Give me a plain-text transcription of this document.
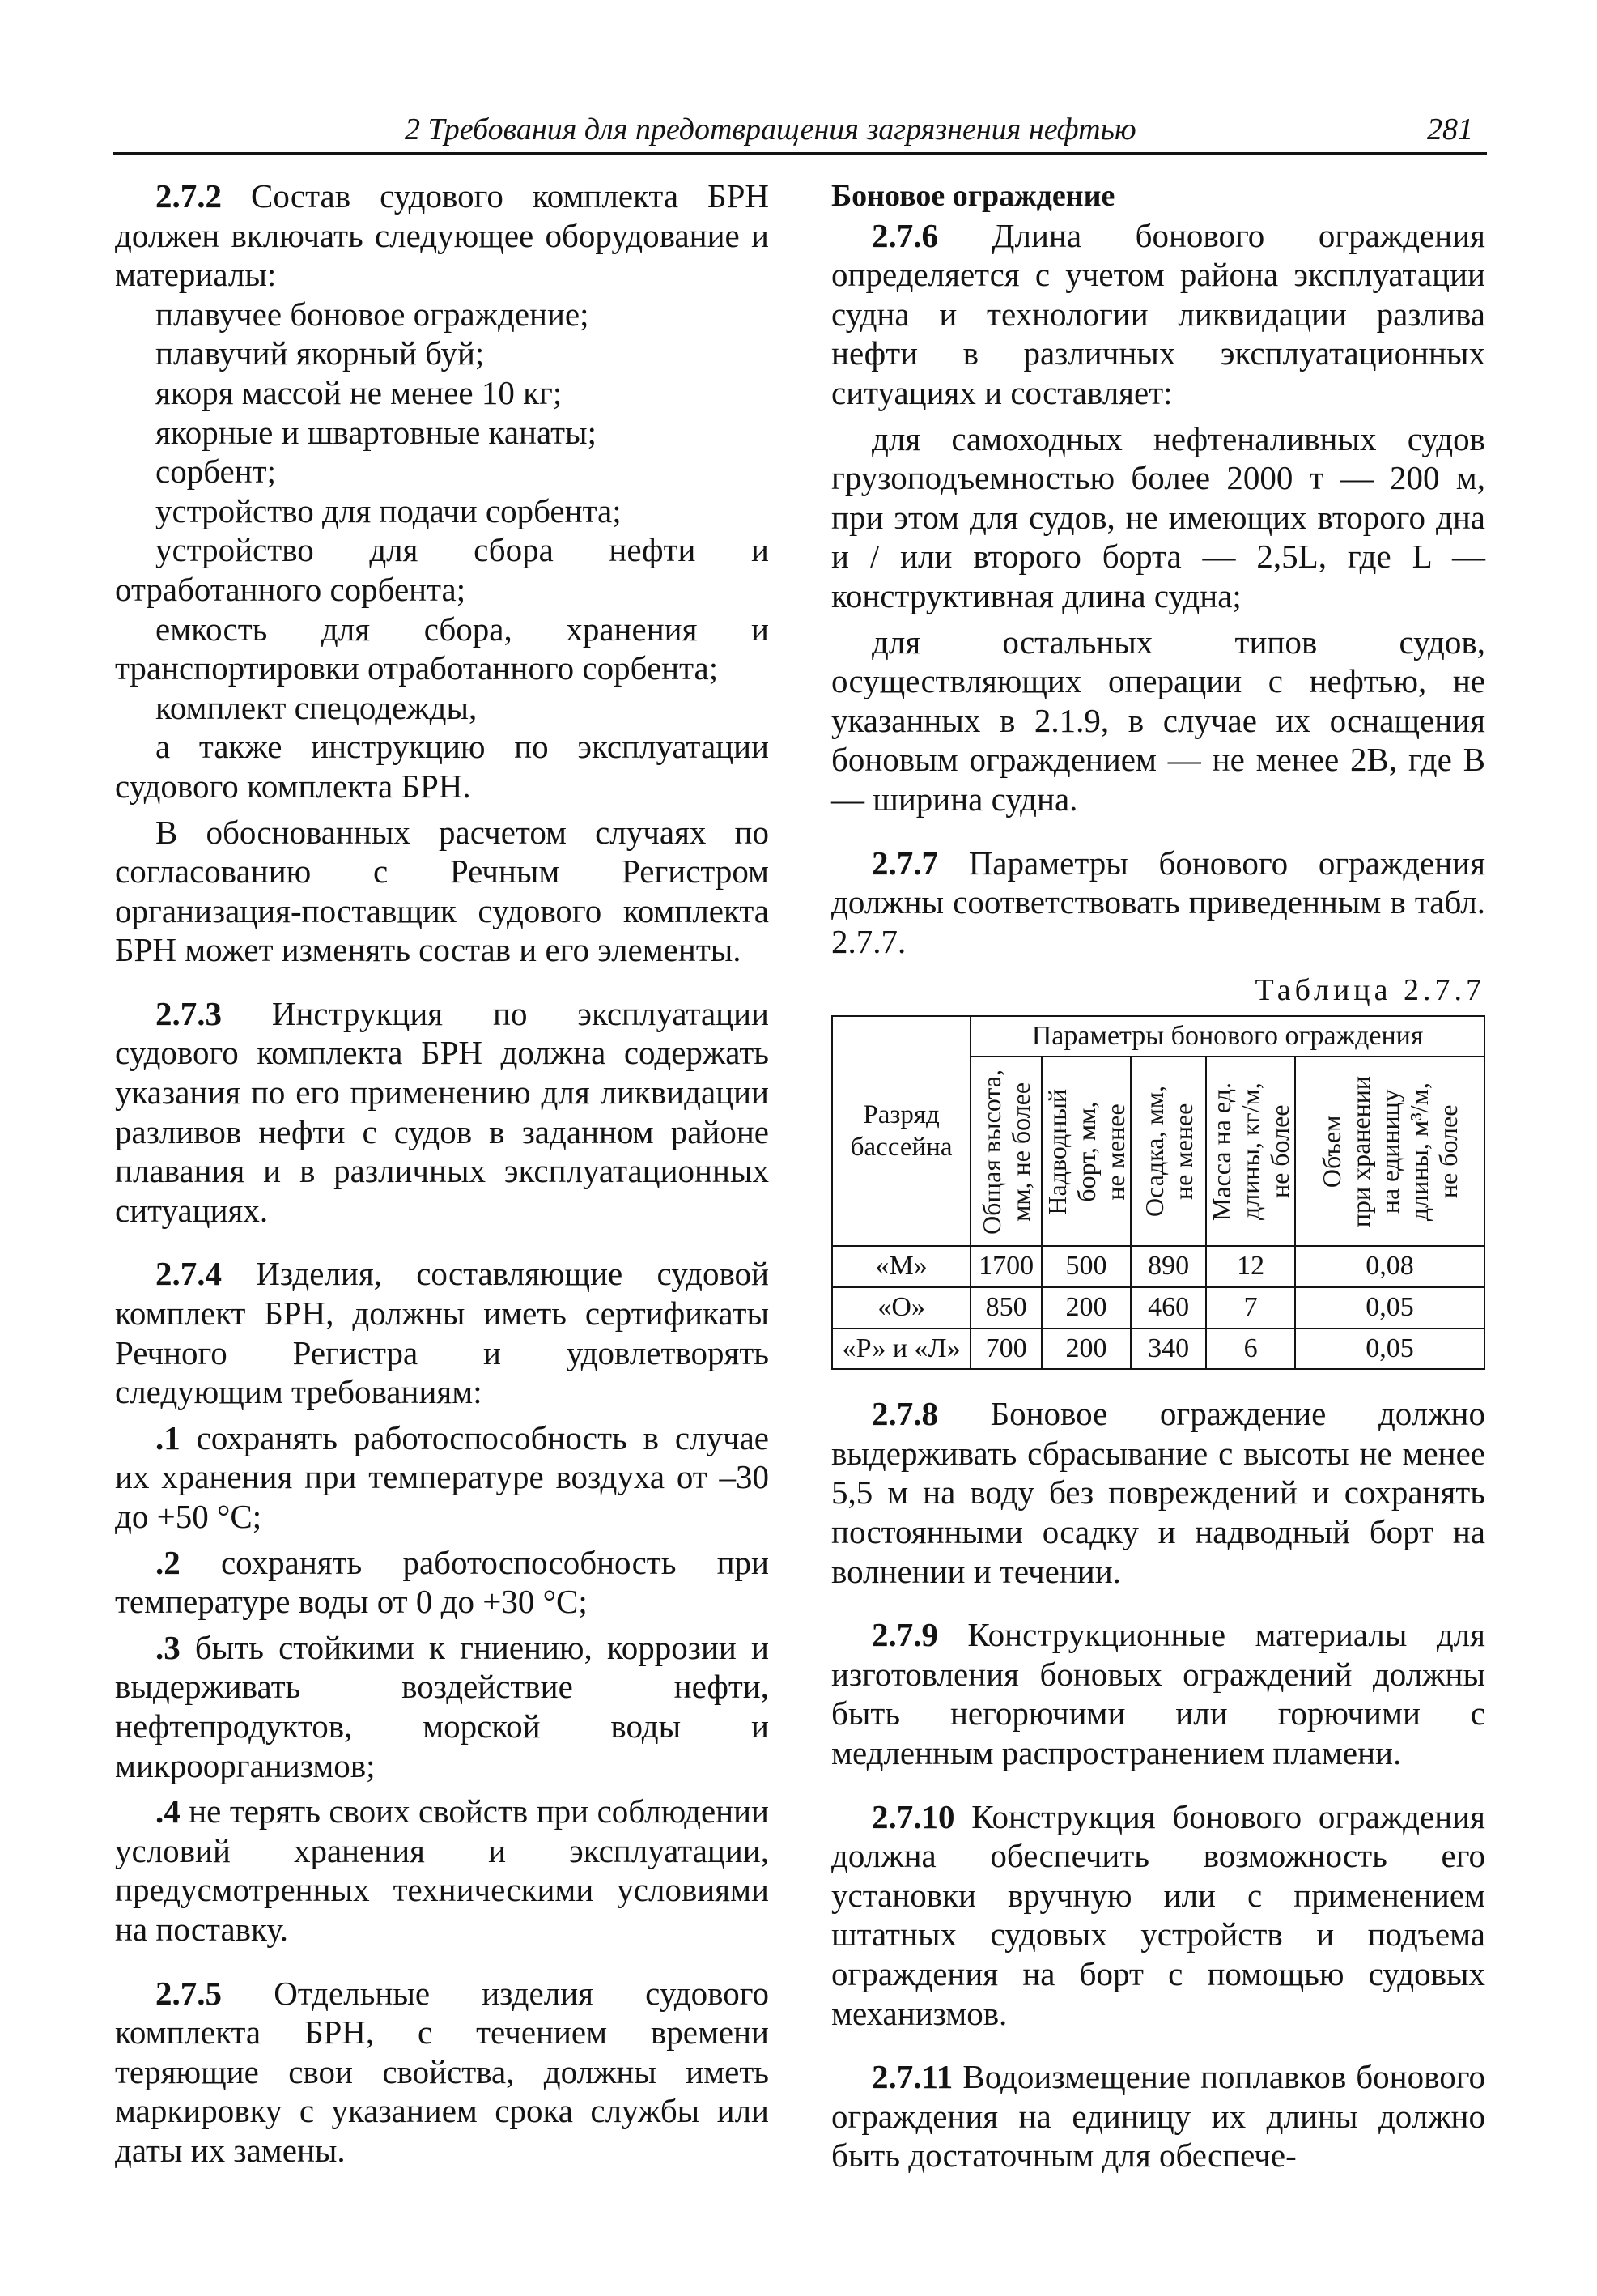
2 Требования для предотвращения загрязнения нефтью	281

2.7.2 Состав судового комплекта БРН должен включать следующее оборудование и материалы:

плавучее боновое ограждение;

плавучий якорный буй;

якоря массой не менее 10 кг;

якорные и швартовные канаты;

сорбент;

устройство для подачи сорбента;

устройство для сбора нефти и отработанного сорбента;

емкость для сбора, хранения и транспортировки отработанного сорбента;

комплект спецодежды,

а также инструкцию по эксплуатации судового комплекта БРН.

В обоснованных расчетом случаях по согласованию с Речным Регистром организация-поставщик судового комплекта БРН может изменять состав и его элементы.

2.7.3 Инструкция по эксплуатации судового комплекта БРН должна содержать указания по его применению для ликвидации разливов нефти с судов в заданном районе плавания и в различных эксплуатационных ситуациях.

2.7.4 Изделия, составляющие судовой комплект БРН, должны иметь сертификаты Речного Регистра и удовлетворять следующим требованиям:

.1 сохранять работоспособность в случае их хранения при температуре воздуха от –30 до +50 °С;

.2 сохранять работоспособность при температуре воды от 0 до +30 °С;

.3 быть стойкими к гниению, коррозии и выдерживать воздействие нефти, нефтепродуктов, морской воды и микроорганизмов;

.4 не терять своих свойств при соблюдении условий хранения и эксплуатации, предусмотренных техническими условиями на поставку.

2.7.5 Отдельные изделия судового комплекта БРН, с течением времени теряющие свои свойства, должны иметь маркировку с указанием срока службы или даты их замены.

Боновое ограждение

2.7.6 Длина бонового ограждения определяется с учетом района эксплуатации судна и технологии ликвидации разлива нефти в различных эксплуатационных ситуациях и составляет:

для самоходных нефтеналивных судов грузоподъемностью более 2000 т — 200 м, при этом для судов, не имеющих второго дна и / или второго борта — 2,5L, где L — конструктивная длина судна;

для остальных типов судов, осуществляющих операции с нефтью, не указанных в 2.1.9, в случае их оснащения боновым ограждением — не менее 2B, где B — ширина судна.

2.7.7 Параметры бонового ограждения должны соответствовать приведенным в табл. 2.7.7.

Таблица 2.7.7
Разряд
бассейна	Параметры бонового ограждения				

	Общая высота,
мм, не более	Надводный
борт, мм,
не менее	Осадка, мм,
не менее	Масса на ед.
длины, кг/м,
не более	Объем
при хранении
на единицу
длины, м³/м,
не более

«М»	1700	500	890	12	0,08
«О»	850	200	460	7	0,05
«Р» и «Л»	700	200	340	6	0,05

2.7.8 Боновое ограждение должно выдерживать сбрасывание с высоты не менее 5,5 м на воду без повреждений и сохранять постоянными осадку и надводный борт на волнении и течении.

2.7.9 Конструкционные материалы для изготовления боновых ограждений должны быть негорючими или горючими с медленным распространением пламени.

2.7.10 Конструкция бонового ограждения должна обеспечить возможность его установки вручную или с применением штатных судовых устройств и подъема ограждения на борт с помощью судовых механизмов.

2.7.11 Водоизмещение поплавков бонового ограждения на единицу их длины должно быть достаточным для обеспече-
